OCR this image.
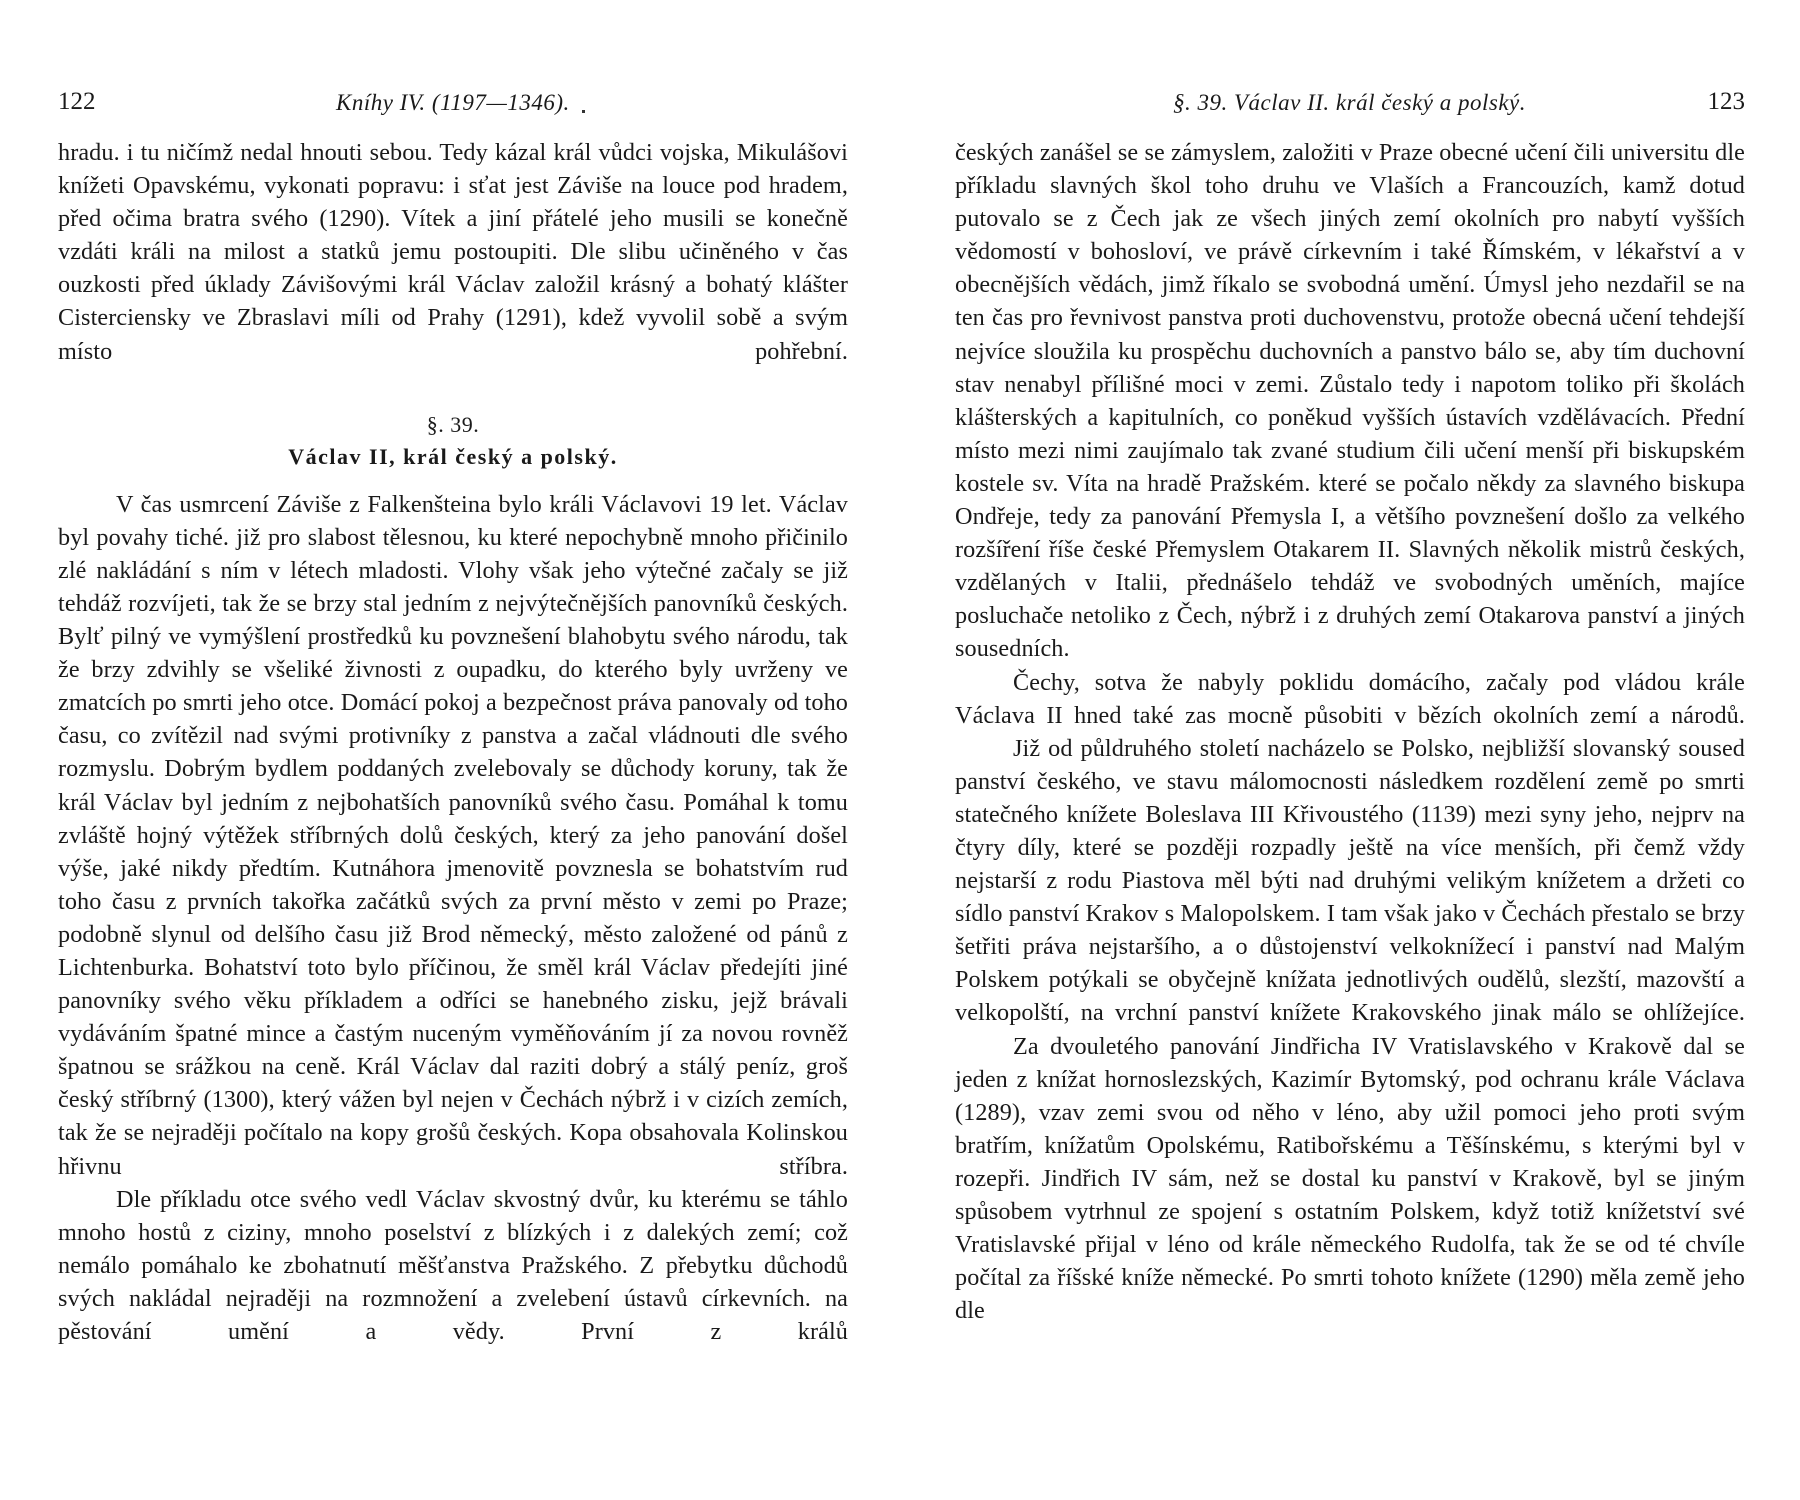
122	Kníhy IV. (1197—1346).

hradu. i tu ničímž nedal hnouti sebou. Tedy kázal král vůdci vojska, Mikulášovi knížeti Opavskému, vykonati popravu: i sťat jest Záviše na louce pod hradem, před očima bratra svého (1290). Vítek a jiní přátelé jeho musili se konečně vzdáti králi na milost a statků jemu postoupiti. Dle slibu učiněného v čas ouzkosti před úklady Závišovými král Václav založil krásný a bohatý klášter Cisterciensky ve Zbraslavi míli od Prahy (1291), kdež vyvolil sobě a svým místo pohřební.

§. 39.
Václav II, král český a polský.

V čas usmrcení Záviše z Falkenšteina bylo králi Václavovi 19 let. Václav byl povahy tiché. již pro slabost tělesnou, ku které nepochybně mnoho přičinilo zlé nakládání s ním v létech mladosti. Vlohy však jeho výtečné začaly se již tehdáž rozvíjeti, tak že se brzy stal jedním z nejvýtečnějších panovníků českých. Bylť pilný ve vymýšlení prostředků ku povznešení blahobytu svého národu, tak že brzy zdvihly se všeliké živnosti z oupadku, do kterého byly uvrženy ve zmatcích po smrti jeho otce. Domácí pokoj a bezpečnost práva panovaly od toho času, co zvítězil nad svými protivníky z panstva a začal vládnouti dle svého rozmyslu. Dobrým bydlem poddaných zvelebovaly se důchody koruny, tak že král Václav byl jedním z nejbohatších panovníků svého času. Pomáhal k tomu zvláště hojný výtěžek stříbrných dolů českých, který za jeho panování došel výše, jaké nikdy předtím. Kutnáhora jmenovitě povznesla se bohatstvím rud toho času z prvních takořka začátků svých za první město v zemi po Praze; podobně slynul od delšího času již Brod německý, město založené od pánů z Lichtenburka. Bohatství toto bylo příčinou, že směl král Václav předejíti jiné panovníky svého věku příkladem a odříci se hanebného zisku, jejž brávali vydáváním špatné mince a častým nuceným vyměňováním jí za novou rovněž špatnou se srážkou na ceně. Král Václav dal raziti dobrý a stálý peníz, groš český stříbrný (1300), který vážen byl nejen v Čechách nýbrž i v cizích zemích, tak že se nejraději počítalo na kopy grošů českých. Kopa obsahovala Kolinskou hřivnu stříbra.

Dle příkladu otce svého vedl Václav skvostný dvůr, ku kterému se táhlo mnoho hostů z ciziny, mnoho poselství z blízkých i z dalekých zemí; což nemálo pomáhalo ke zbohatnutí měšťanstva Pražského. Z přebytku důchodů svých nakládal nejraději na rozmnožení a zvelebení ústavů církevních. na pěstování umění a vědy. První z králů

§. 39. Václav II. král český a polský.	123

českých zanášel se se zámyslem, založiti v Praze obecné učení čili universitu dle příkladu slavných škol toho druhu ve Vlaších a Francouzích, kamž dotud putovalo se z Čech jak ze všech jiných zemí okolních pro nabytí vyšších vědomostí v bohosloví, ve právě církevním i také Římském, v lékařství a v obecnějších vědách, jimž říkalo se svobodná umění. Úmysl jeho nezdařil se na ten čas pro řevnivost panstva proti duchovenstvu, protože obecná učení tehdejší nejvíce sloužila ku prospěchu duchovních a panstvo bálo se, aby tím duchovní stav nenabyl přílišné moci v zemi. Zůstalo tedy i napotom toliko při školách klášterských a kapitulních, co poněkud vyšších ústavích vzdělávacích. Přední místo mezi nimi zaujímalo tak zvané studium čili učení menší při biskupském kostele sv. Víta na hradě Pražském. které se počalo někdy za slavného biskupa Ondřeje, tedy za panování Přemysla I, a většího povznešení došlo za velkého rozšíření říše české Přemyslem Otakarem II. Slavných několik mistrů českých, vzdělaných v Italii, přednášelo tehdáž ve svobodných uměních, majíce posluchače netoliko z Čech, nýbrž i z druhých zemí Otakarova panství a jiných sousedních.

Čechy, sotva že nabyly poklidu domácího, začaly pod vládou krále Václava II hned také zas mocně působiti v bězích okolních zemí a národů.

Již od půldruhého století nacházelo se Polsko, nejbližší slovanský soused panství českého, ve stavu málomocnosti následkem rozdělení země po smrti statečného knížete Boleslava III Křivoustého (1139) mezi syny jeho, nejprv na čtyry díly, které se později rozpadly ještě na více menších, při čemž vždy nejstarší z rodu Piastova měl býti nad druhými velikým knížetem a držeti co sídlo panství Krakov s Malopolskem. I tam však jako v Čechách přestalo se brzy šetřiti práva nejstaršího, a o důstojenství velkoknížecí i panství nad Malým Polskem potýkali se obyčejně knížata jednotlivých oudělů, slezští, mazovští a velkopolští, na vrchní panství knížete Krakovského jinak málo se ohlížejíce.

Za dvouletého panování Jindřicha IV Vratislavského v Krakově dal se jeden z knížat hornoslezských, Kazimír Bytomský, pod ochranu krále Václava (1289), vzav zemi svou od něho v léno, aby užil pomoci jeho proti svým bratřím, knížatům Opolskému, Ratibořskému a Těšínskému, s kterými byl v rozepři. Jindřich IV sám, než se dostal ku panství v Krakově, byl se jiným spůsobem vytrhnul ze spojení s ostatním Polskem, když totiž knížetství své Vratislavské přijal v léno od krále německého Rudolfa, tak že se od té chvíle počítal za říšské kníže německé. Po smrti tohoto knížete (1290) měla země jeho dle
